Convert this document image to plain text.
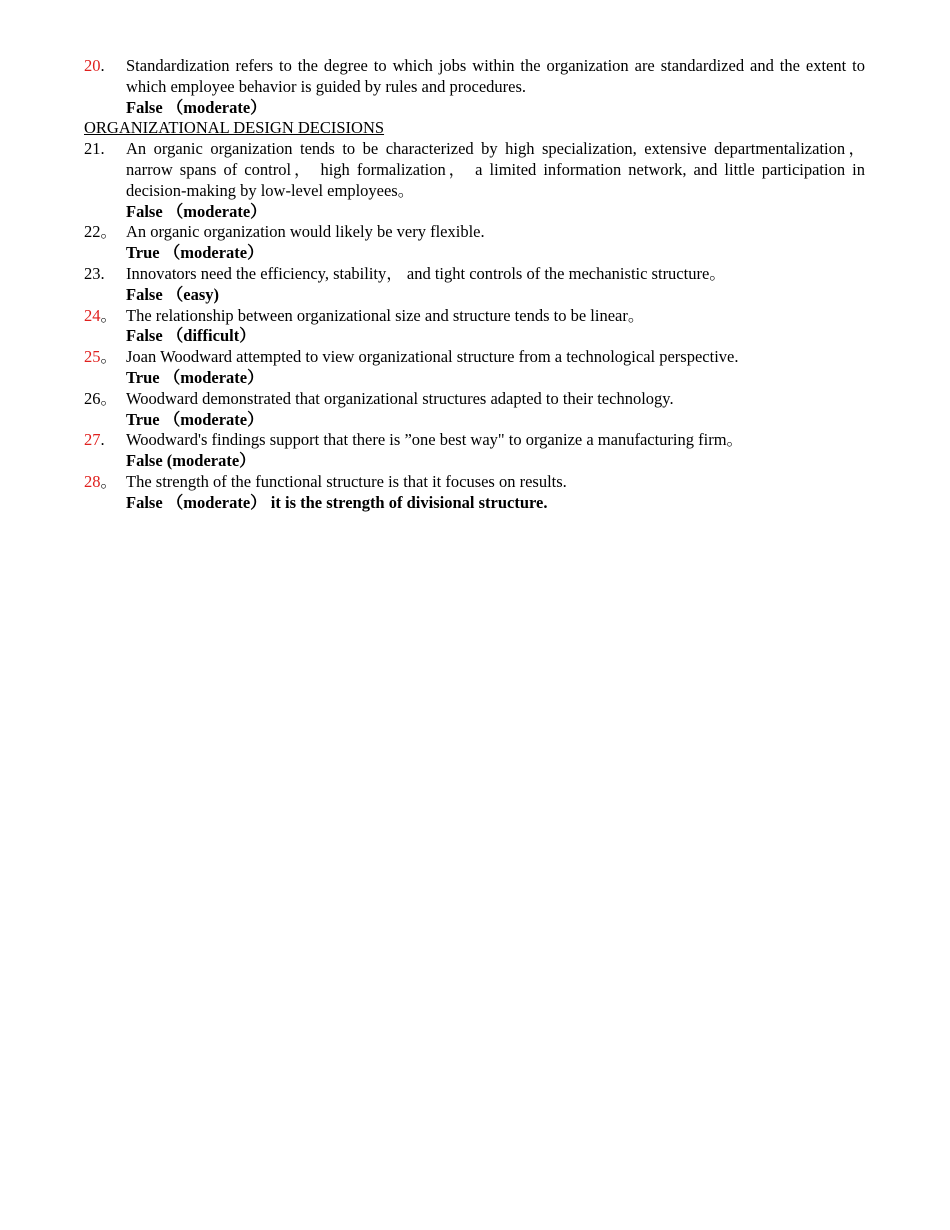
20.	Standardization refers to the degree to which jobs within the organization are standardized and the extent to which employee behavior is guided by rules and procedures.
False （moderate）
ORGANIZATIONAL DESIGN DECISIONS
21.	An organic organization tends to be characterized by high specialization, extensive departmentalization，narrow spans of control， high formalization， a limited information network, and little participation in decision-making by low-level employees。
False （moderate）
22。 An organic organization would likely be very flexible.
True （moderate）
23.	Innovators need the efficiency, stability， and tight controls of the mechanistic structure。
False （easy)
24。 The relationship between organizational size and structure tends to be linear。
False （difficult）
25。 Joan Woodward attempted to view organizational structure from a technological perspective.
True （moderate）
26。 Woodward demonstrated that organizational structures adapted to their technology.
True （moderate）
27.	Woodward's findings support that there is ”one best way" to organize a manufacturing firm。
False (moderate）
28。 The strength of the functional structure is that it focuses on results.
False （moderate） it is the strength of divisional structure.
